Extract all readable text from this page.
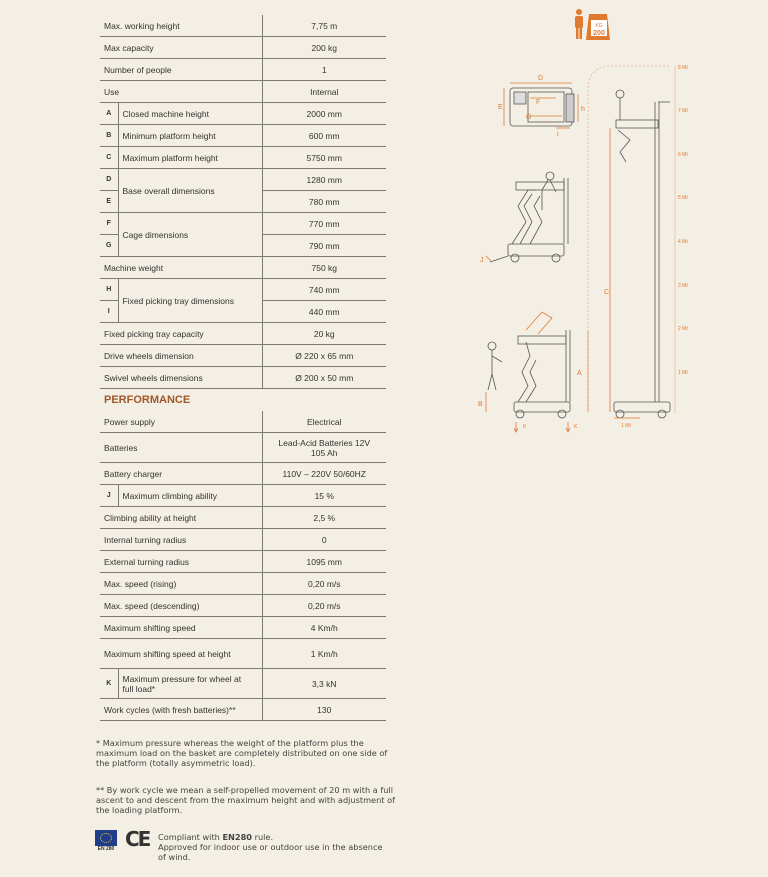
Max. working height		7,75 m
Max capacity		200 kg
Number of people		1
Use		Internal
A	Closed machine height	2000 mm
B	Minimum platform height	600 mm
C	Maximum platform height	5750 mm
D	Base overall dimensions	1280 mm
E		780 mm
F	Cage dimensions	770 mm
G		790 mm
Machine weight		750 kg
H	Fixed picking tray dimensions	740 mm
I		440 mm
Fixed picking tray capacity		20 kg
Drive wheels dimension		Ø 220 x 65 mm
Swivel wheels dimensions		Ø 200 x 50 mm
PERFORMANCE		
Power supply		Electrical
Batteries		Lead-Acid Batteries 12V 105 Ah
Battery charger		110V – 220V 50/60HZ
J	Maximum climbing ability	15 %
Climbing ability at height		2,5 %
Internal turning radius		0
External turning radius		1095 mm
Max. speed (rising)		0,20 m/s
Max. speed (descending)		0,20 m/s
Maximum shifting speed		4 Km/h
Maximum shifting speed at height		1 Km/h
K	Maximum pressure for wheel at full load*	3,3 kN
Work cycles (with fresh batteries)**		130
* Maximum pressure whereas the weight of the platform plus the maximum load on the basket are completely distributed on one side of the platform (totally asymmetric load).
** By work cycle we mean a self-propelled movement of 20 m with a full ascent to and descent from the maximum height and with adjustment of the loading platform.
EN 280 CE Compliant with EN280 rule.
Approved for indoor use or outdoor use in the absence of wind.
KG
200
D
E
F
G
h
i
J
B
A
K	K
C
1 Mt
8 Mt
7 Mt
6 Mt
5 Mt
4 Mt
3 Mt
2 Mt
1 Mt
